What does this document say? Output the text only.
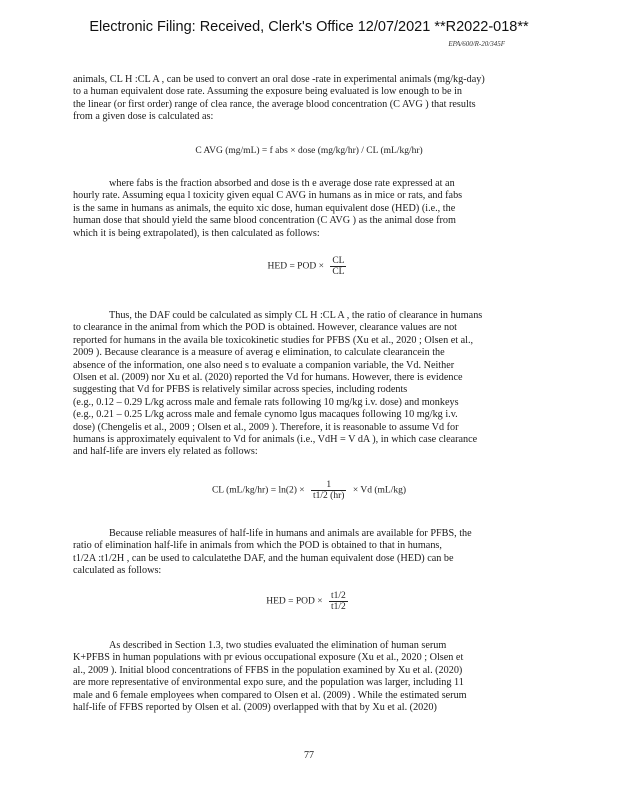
Electronic Filing: Received, Clerk's Office 12/07/2021 **R2022-018**
EPA/600/R-20/345F
animals, CL H :CL A , can be used to convert an oral dose -rate in experimental animals (mg/kg-day)
to a human equivalent dose rate. Assuming the exposure being evaluated is low enough to be in
the linear (or first order) range of clea rance, the average blood concentration (C AVG ) that results
from a given dose is calculated as:
C AVG (mg/mL) = f abs × dose (mg/kg/hr) / CL (mL/kg/hr)
where fabs is the fraction absorbed and dose is th e average dose rate expressed at an
hourly rate. Assuming equa l toxicity given equal C AVG in humans as in mice or rats, and fabs
is the same in humans as animals, the equito xic dose, human equivalent dose (HED) (i.e., the
human dose that should yield the same blood concentration (C AVG ) as the animal dose from
which it is being extrapolated), is then calculated as follows:
HED = POD × $\frac{CL}{CL}$
Thus, the DAF could be calculated as simply CL H :CL A , the ratio of clearance in humans
to clearance in the animal from which the POD is obtained. However, clearance values are not
reported for humans in the availa ble toxicokinetic studies for PFBS (Xu et al., 2020 ; Olsen et al.,
2009 ). Because clearance is a measure of averag e elimination, to calculate clearancein the
absence of the information, one also need s to evaluate a companion variable, the Vd. Neither
Olsen et al. (2009) nor Xu et al. (2020) reported the Vd for humans. However, there is evidence
suggesting that Vd for PFBS is relatively similar across species, including rodents
(e.g., 0.12 – 0.29 L/kg across male and female rats following 10 mg/kg i.v. dose) and monkeys
(e.g., 0.21 – 0.25 L/kg across male and female cynomo lgus macaques following 10 mg/kg i.v.
dose) (Chengelis et al., 2009 ; Olsen et al., 2009 ). Therefore, it is reasonable to assume Vd for
humans is approximately equivalent to Vd for animals (i.e., VdH = V dA ), in which case clearance
and half-life are invers ely related as follows:
CL $(mL/kg/hr) = \ln(2) \times \frac{1}{t1/2 (hr)} \times Vd$ (mL/kg)
Because reliable measures of half-life in humans and animals are available for PFBS, the
ratio of elimination half-life in animals from which the POD is obtained to that in humans,
t1/2A :t1/2H , can be used to calculatethe DAF, and the human equivalent dose (HED) can be
calculated as follows:
HED = POD × $\frac{t1/2}{t1/2}$
As described in Section 1.3, two studies evaluated the elimination of human serum
K+PFBS in human populations with pr evious occupational exposure (Xu et al., 2020 ; Olsen et
al., 2009 ). Initial blood concentrations of FFBS in the population examined by Xu et al. (2020)
are more representative of environmental expo sure, and the population was larger, including 11
male and 6 female employees when compared to Olsen et al. (2009) . While the estimated serum
half-life of FFBS reported by Olsen et al. (2009) overlapped with that by Xu et al. (2020)
77
